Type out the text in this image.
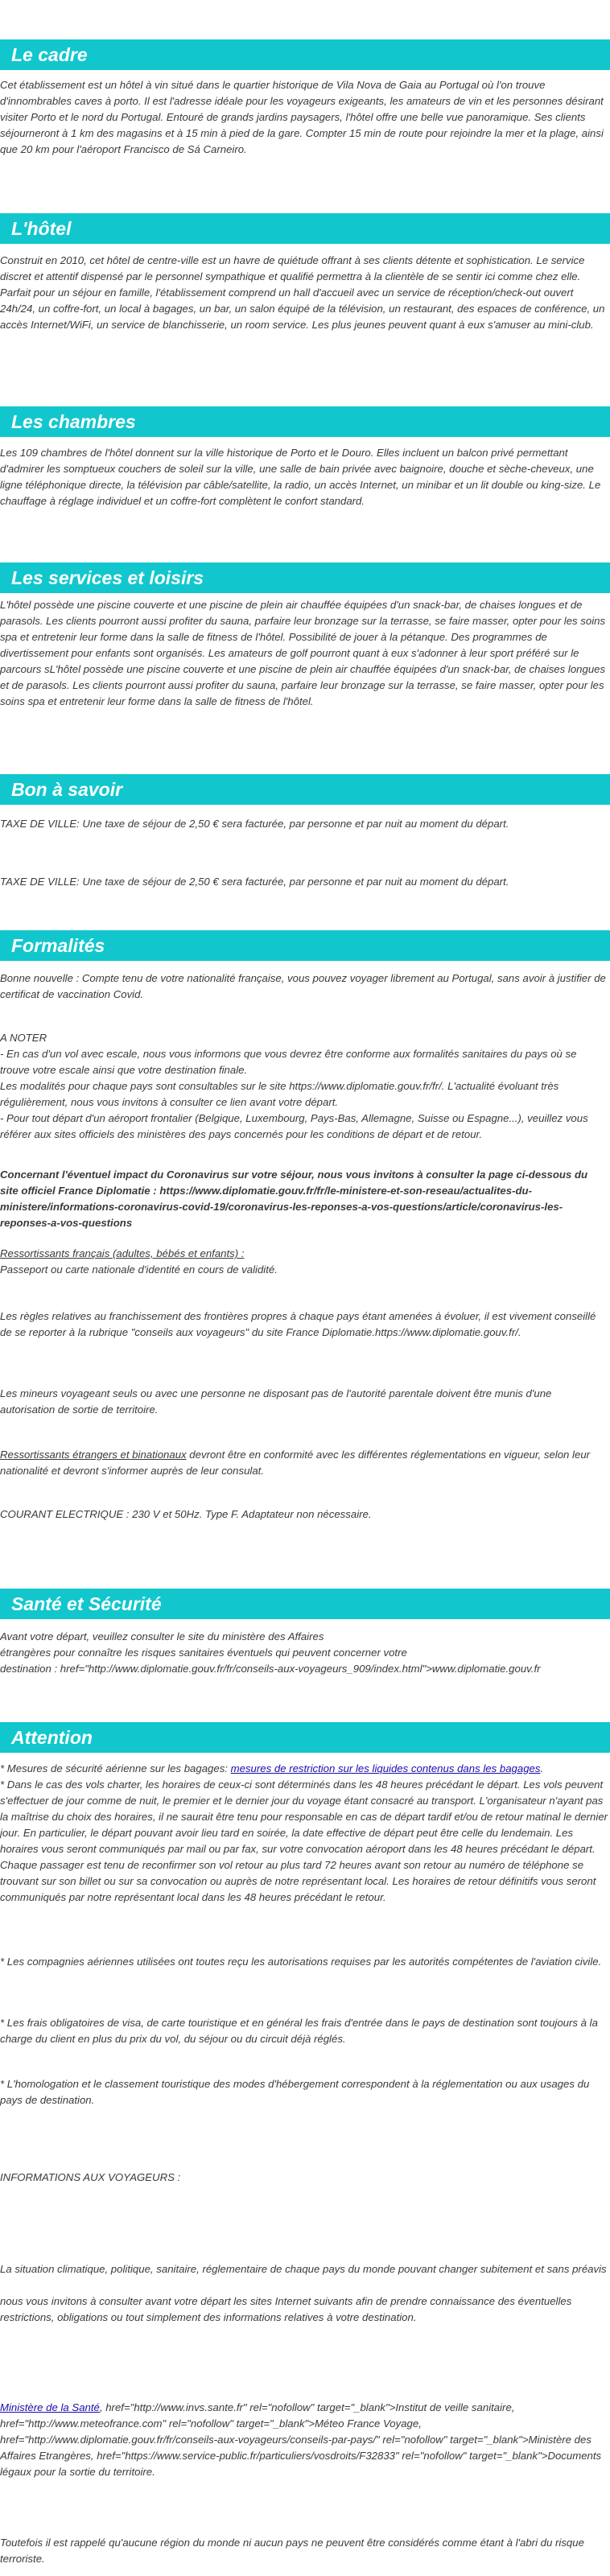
Le cadre

Cet établissement est un hôtel à vin situé dans le quartier historique de Vila Nova de Gaia au Portugal où l'on trouve d'innombrables caves à porto. Il est l'adresse idéale pour les voyageurs exigeants, les amateurs de vin et les personnes désirant visiter Porto et le nord du Portugal. Entouré de grands jardins paysagers, l'hôtel offre une belle vue panoramique. Ses clients séjourneront à 1 km des magasins et à 15 min à pied de la gare. Compter 15 min de route pour rejoindre la mer et la plage, ainsi que 20 km pour l'aéroport Francisco de Sá Carneiro.

L'hôtel

Construit en 2010, cet hôtel de centre-ville est un havre de quiétude offrant à ses clients détente et sophistication. Le service discret et attentif dispensé par le personnel sympathique et qualifié permettra à la clientèle de se sentir ici comme chez elle. Parfait pour un séjour en famille, l'établissement comprend un hall d'accueil avec un service de réception/check-out ouvert 24h/24, un coffre-fort, un local à bagages, un bar, un salon équipé de la télévision, un restaurant, des espaces de conférence, un accès Internet/WiFi, un service de blanchisserie, un room service. Les plus jeunes peuvent quant à eux s'amuser au mini-club.

Les chambres

Les 109 chambres de l'hôtel donnent sur la ville historique de Porto et le Douro. Elles incluent un balcon privé permettant d'admirer les somptueux couchers de soleil sur la ville, une salle de bain privée avec baignoire, douche et sèche-cheveux, une ligne téléphonique directe, la télévision par câble/satellite, la radio, un accès Internet, un minibar et un lit double ou king-size. Le chauffage à réglage individuel et un coffre-fort complètent le confort standard.

Les services et loisirs

L'hôtel possède une piscine couverte et une piscine de plein air chauffée équipées d'un snack-bar, de chaises longues et de parasols. Les clients pourront aussi profiter du sauna, parfaire leur bronzage sur la terrasse, se faire masser, opter pour les soins spa et entretenir leur forme dans la salle de fitness de l'hôtel. Possibilité de jouer à la pétanque. Des programmes de divertissement pour enfants sont organisés. Les amateurs de golf pourront quant à eux s'adonner à leur sport préféré sur le parcours sL'hôtel possède une piscine couverte et une piscine de plein air chauffée équipées d'un snack-bar, de chaises longues et de parasols. Les clients pourront aussi profiter du sauna, parfaire leur bronzage sur la terrasse, se faire masser, opter pour les soins spa et entretenir leur forme dans la salle de fitness de l'hôtel.

Bon à savoir

TAXE DE VILLE: Une taxe de séjour de 2,50 € sera facturée, par personne et par nuit au moment du départ.

TAXE DE VILLE: Une taxe de séjour de 2,50 € sera facturée, par personne et par nuit au moment du départ.

Formalités

Bonne nouvelle : Compte tenu de votre nationalité française, vous pouvez voyager librement au Portugal, sans avoir à justifier de certificat de vaccination Covid.

A NOTER

- En cas d'un vol avec escale, nous vous informons que vous devrez être conforme aux formalités sanitaires du pays où se trouve votre escale ainsi que votre destination finale.

Les modalités pour chaque pays sont consultables sur le site https://www.diplomatie.gouv.fr/fr/. L'actualité évoluant très régulièrement, nous vous invitons à consulter ce lien avant votre départ.

- Pour tout départ d'un aéroport frontalier (Belgique, Luxembourg, Pays-Bas, Allemagne, Suisse ou Espagne...), veuillez vous référer aux sites officiels des ministères des pays concernés pour les conditions de départ et de retour.

Concernant l'éventuel impact du Coronavirus sur votre séjour, nous vous invitons à consulter la page ci-dessous du site officiel France Diplomatie : https://www.diplomatie.gouv.fr/fr/le-ministere-et-son-reseau/actualites-du-ministere/informations-coronavirus-covid-19/coronavirus-les-reponses-a-vos-questions/article/coronavirus-les-reponses-a-vos-questions

Ressortissants français (adultes, bébés et enfants) :

Passeport ou carte nationale d'identité en cours de validité.

Les règles relatives au franchissement des frontières propres à chaque pays étant amenées à évoluer, il est vivement conseillé de se reporter à la rubrique "conseils aux voyageurs" du site France Diplomatie.https://www.diplomatie.gouv.fr/.

Les mineurs voyageant seuls ou avec une personne ne disposant pas de l'autorité parentale doivent être munis d'une autorisation de sortie de territoire.

Ressortissants étrangers et binationaux devront être en conformité avec les différentes réglementations en vigueur, selon leur nationalité et devront s'informer auprès de leur consulat.

COURANT ELECTRIQUE : 230 V et 50Hz. Type F. Adaptateur non nécessaire.

Santé et Sécurité

Avant votre départ, veuillez consulter le site du ministère des Affaires

étrangères pour connaître les risques sanitaires éventuels qui peuvent concerner votre

destination : href="http://www.diplomatie.gouv.fr/fr/conseils-aux-voyageurs_909/index.html">www.diplomatie.gouv.fr

Attention

* Mesures de sécurité aérienne sur les bagages: mesures de restriction sur les liquides contenus dans les bagages.

* Dans le cas des vols charter, les horaires de ceux-ci sont déterminés dans les 48 heures précédant le départ. Les vols peuvent s'effectuer de jour comme de nuit, le premier et le dernier jour du voyage étant consacré au transport. L'organisateur n'ayant pas la maîtrise du choix des horaires, il ne saurait être tenu pour responsable en cas de départ tardif et/ou de retour matinal le dernier jour. En particulier, le départ pouvant avoir lieu tard en soirée, la date effective de départ peut être celle du lendemain. Les horaires vous seront communiqués par mail ou par fax, sur votre convocation aéroport dans les 48 heures précédant le départ. Chaque passager est tenu de reconfirmer son vol retour au plus tard 72 heures avant son retour au numéro de téléphone se trouvant sur son billet ou sur sa convocation ou auprès de notre représentant local. Les horaires de retour définitifs vous seront communiqués par notre représentant local dans les 48 heures précédant le retour.

* Les compagnies aériennes utilisées ont toutes reçu les autorisations requises par les autorités compétentes de l'aviation civile.

* Les frais obligatoires de visa, de carte touristique et en général les frais d'entrée dans le pays de destination sont toujours à la charge du client en plus du prix du vol, du séjour ou du circuit déjà réglés.

* L'homologation et le classement touristique des modes d'hébergement correspondent à la réglementation ou aux usages du pays de destination.

INFORMATIONS AUX VOYAGEURS :

La situation climatique, politique, sanitaire, réglementaire de chaque pays du monde pouvant changer subitement et sans préavis

nous vous invitons à consulter avant votre départ les sites Internet suivants afin de prendre connaissance des éventuelles restrictions, obligations ou tout simplement des informations relatives à votre destination.

Ministère de la Santé, href="http://www.invs.sante.fr" rel="nofollow" target="_blank">Institut de veille sanitaire, href="http://www.meteofrance.com" rel="nofollow" target="_blank">Méteo France Voyage, href="http://www.diplomatie.gouv.fr/fr/conseils-aux-voyageurs/conseils-par-pays/" rel="nofollow" target="_blank">Ministère des Affaires Etrangères, href="https://www.service-public.fr/particuliers/vosdroits/F32833" rel="nofollow" target="_blank">Documents légaux pour la sortie du territoire.

Toutefois il est rappelé qu'aucune région du monde ni aucun pays ne peuvent être considérés comme étant à l'abri du risque terroriste.
